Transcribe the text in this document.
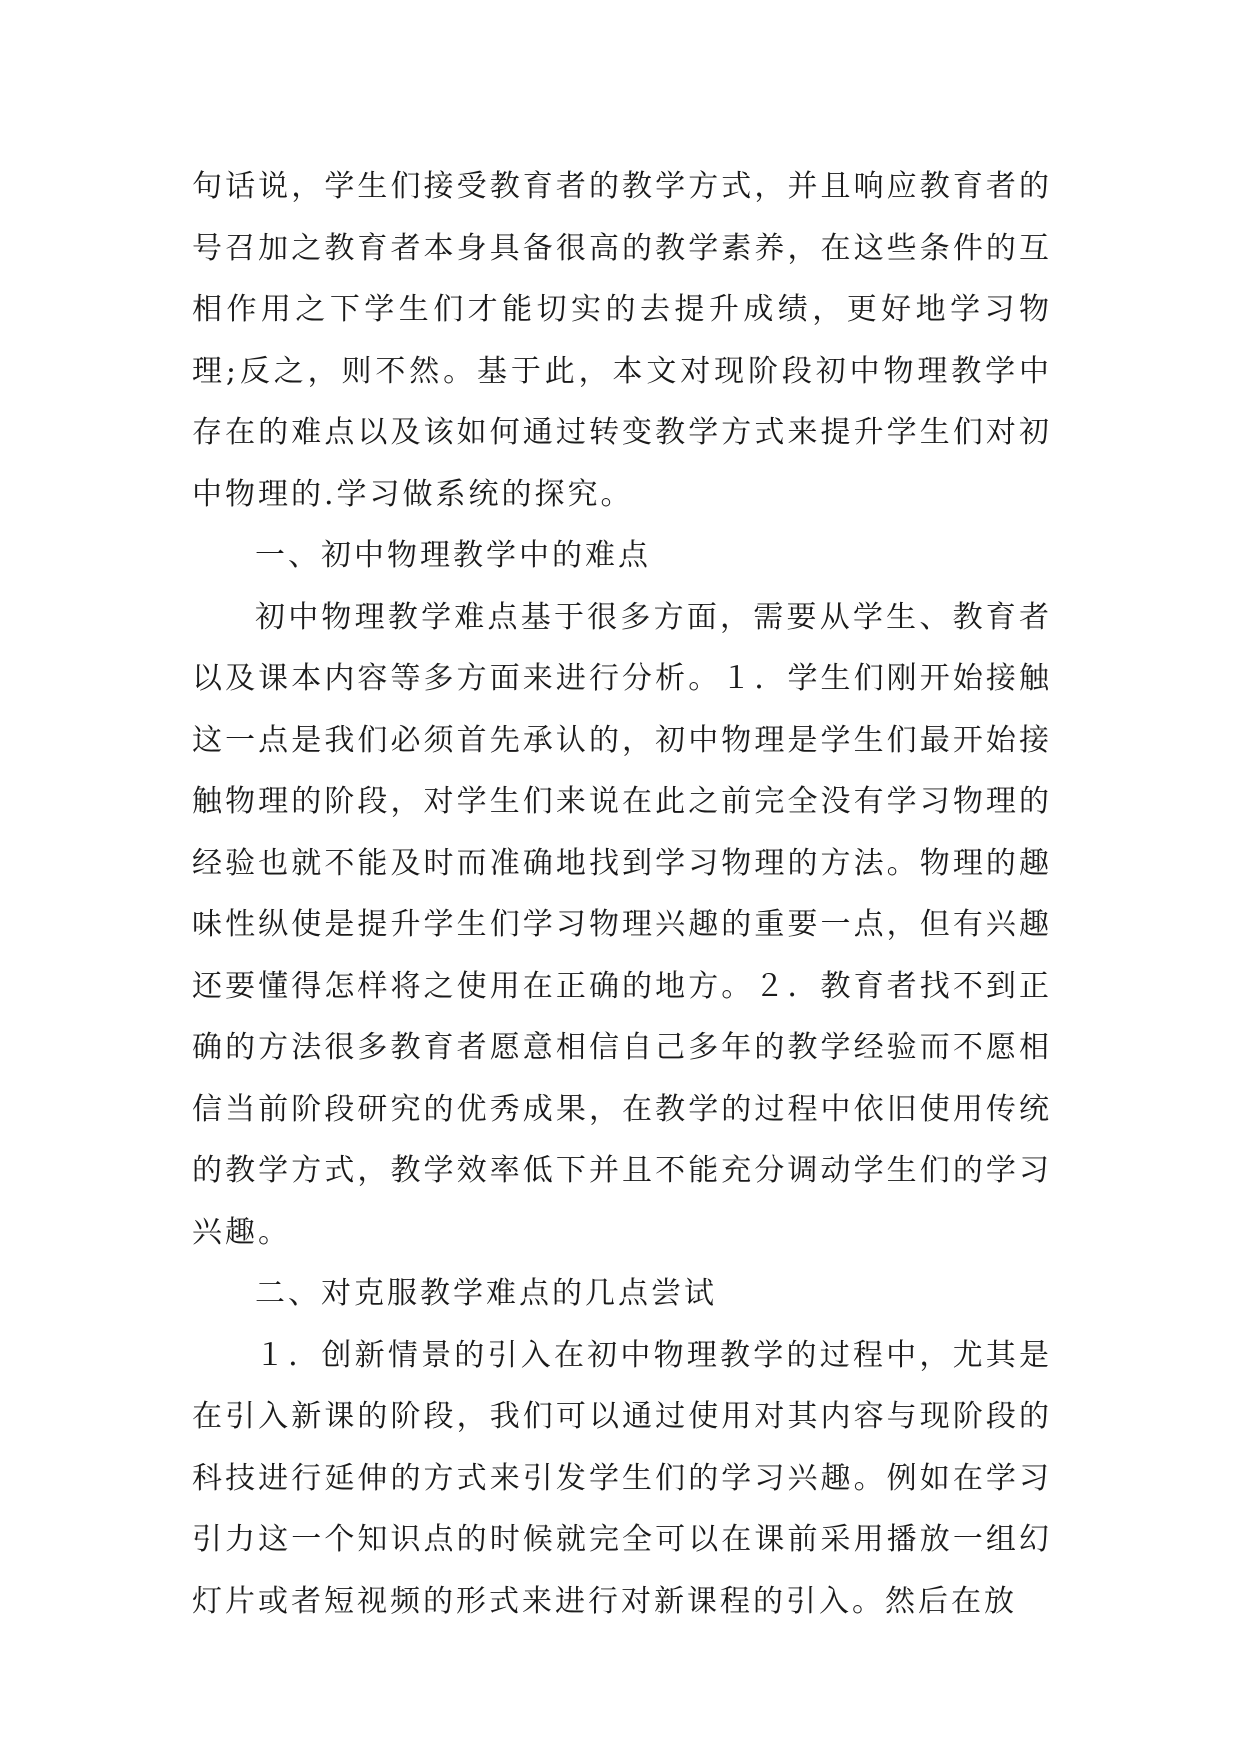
句话说，学生们接受教育者的教学方式，并且响应教育者的号召加之教育者本身具备很高的教学素养，在这些条件的互相作用之下学生们才能切实的去提升成绩，更好地学习物理;反之，则不然。基于此，本文对现阶段初中物理教学中存在的难点以及该如何通过转变教学方式来提升学生们对初中物理的.学习做系统的探究。

一、初中物理教学中的难点

初中物理教学难点基于很多方面，需要从学生、教育者以及课本内容等多方面来进行分析。１．学生们刚开始接触这一点是我们必须首先承认的，初中物理是学生们最开始接触物理的阶段，对学生们来说在此之前完全没有学习物理的经验也就不能及时而准确地找到学习物理的方法。物理的趣味性纵使是提升学生们学习物理兴趣的重要一点，但有兴趣还要懂得怎样将之使用在正确的地方。２．教育者找不到正确的方法很多教育者愿意相信自己多年的教学经验而不愿相信当前阶段研究的优秀成果，在教学的过程中依旧使用传统的教学方式，教学效率低下并且不能充分调动学生们的学习兴趣。

二、对克服教学难点的几点尝试

１．创新情景的引入在初中物理教学的过程中，尤其是在引入新课的阶段，我们可以通过使用对其内容与现阶段的科技进行延伸的方式来引发学生们的学习兴趣。例如在学习引力这一个知识点的时候就完全可以在课前采用播放一组幻灯片或者短视频的形式来进行对新课程的引入。然后在放
